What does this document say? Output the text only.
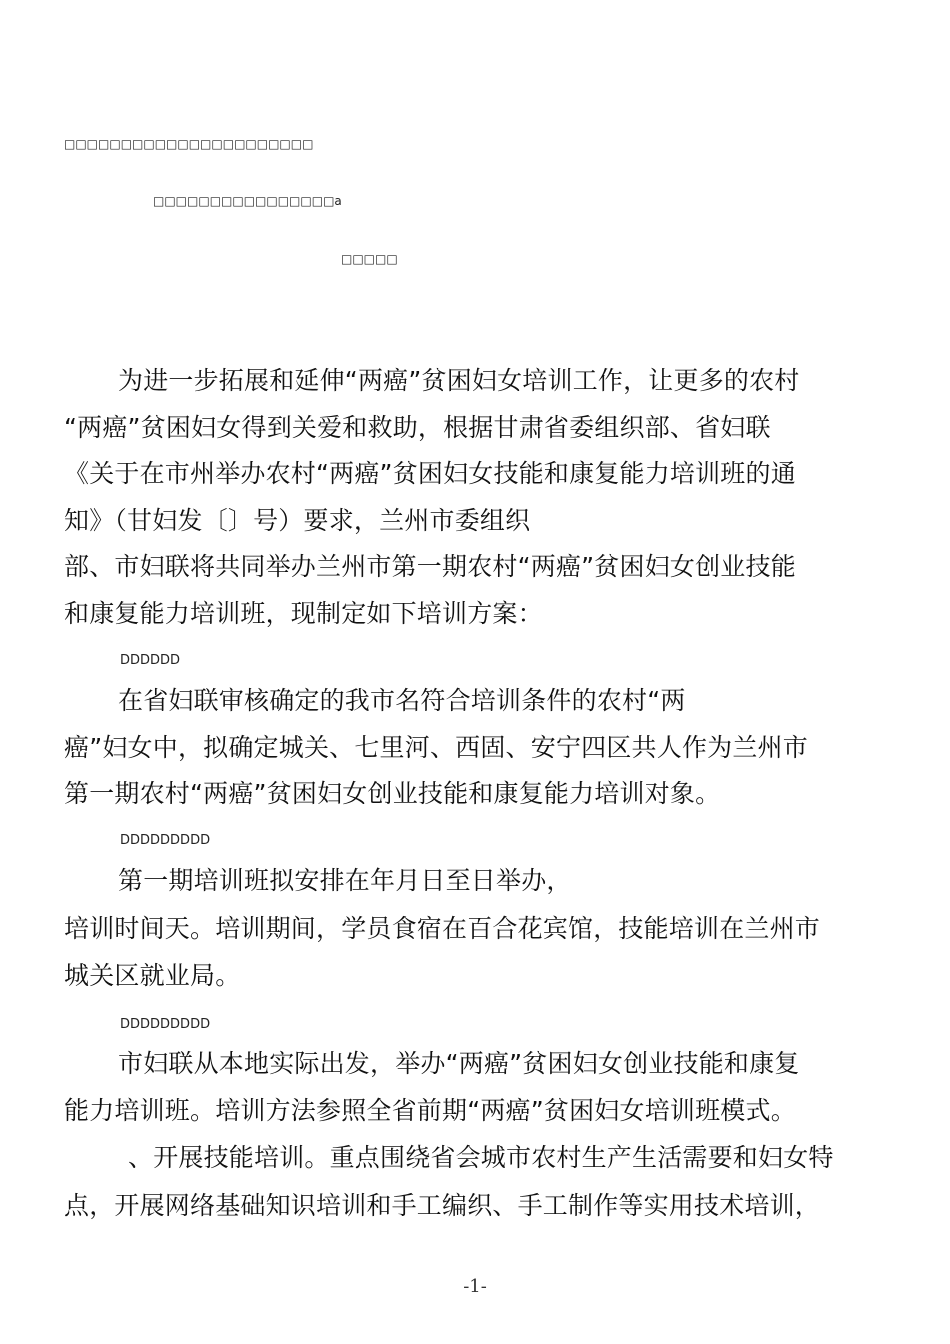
□□□□□□□□□□□□□□□□□□□□□□
□□□□□□□□□□□□□□□□a
□□□□□
为进一步拓展和延伸“两癌”贫困妇女培训工作，让更多的农村
“两癌”贫困妇女得到关爱和救助，根据甘肃省委组织部、省妇联
《关于在市州举办农村“两癌”贫困妇女技能和康复能力培训班的通
知》（甘妇发〔〕号）要求，兰州市委组织
部、市妇联将共同举办兰州市第一期农村“两癌”贫困妇女创业技能
和康复能力培训班，现制定如下培训方案：
DDDDDD
在省妇联审核确定的我市名符合培训条件的农村“两
癌”妇女中，拟确定城关、七里河、西固、安宁四区共人作为兰州市
第一期农村“两癌”贫困妇女创业技能和康复能力培训对象。
DDDDDDDDD
第一期培训班拟安排在年月日至日举办，
培训时间天。培训期间，学员食宿在百合花宾馆，技能培训在兰州市
城关区就业局。
DDDDDDDDD
市妇联从本地实际出发，举办“两癌”贫困妇女创业技能和康复
能力培训班。培训方法参照全省前期“两癌”贫困妇女培训班模式。
、开展技能培训。重点围绕省会城市农村生产生活需要和妇女特
点，开展网络基础知识培训和手工编织、手工制作等实用技术培训，
-1-
